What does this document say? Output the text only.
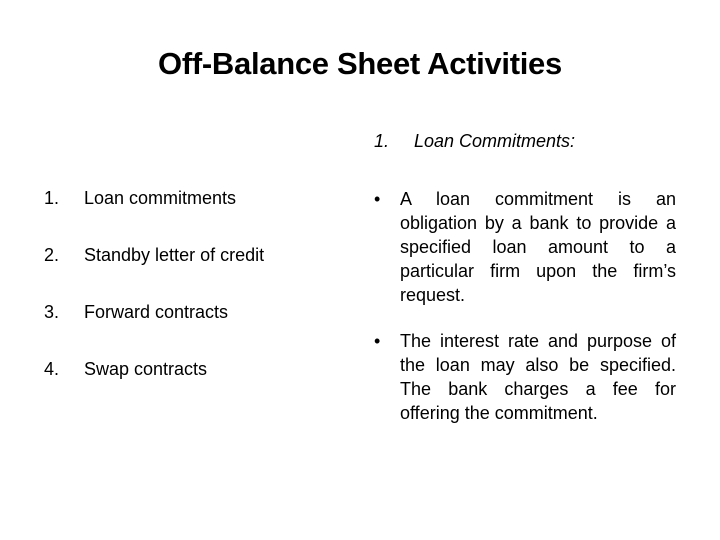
Off-Balance Sheet Activities
1.	Loan commitments
2.	Standby letter of credit
3.	Forward contracts
4.	Swap contracts
1.	Loan Commitments:
•	A loan commitment is an obligation by a bank to provide a specified loan amount to a particular firm upon the firm’s request.
•	The interest rate and purpose of the loan may also be specified. The bank charges a fee for offering the commitment.
